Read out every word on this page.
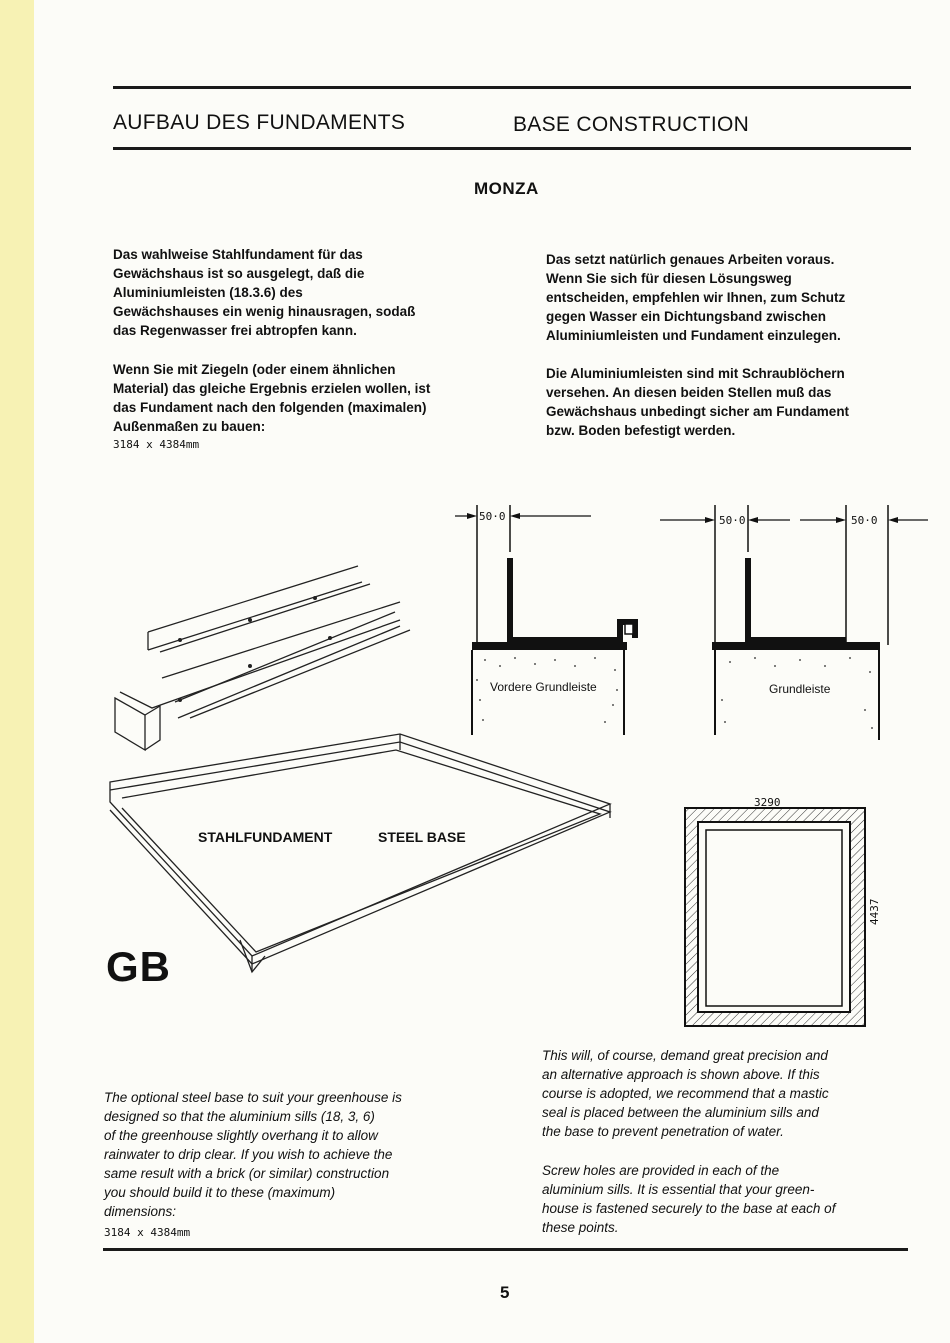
AUFBAU DES FUNDAMENTS	BASE CONSTRUCTION
MONZA

Das wahlweise Stahlfundament für das
Gewächshaus ist so ausgelegt, daß die
Aluminiumleisten (18.3.6) des
Gewächshauses ein wenig hinausragen, sodaß
das Regenwasser frei abtropfen kann.

Wenn Sie mit Ziegeln (oder einem ähnlichen
Material) das gleiche Ergebnis erzielen wollen, ist
das Fundament nach den folgenden (maximalen)
Außenmaßen zu bauen:

3184 x 4384mm

Das setzt natürlich genaues Arbeiten voraus.
Wenn Sie sich für diesen Lösungsweg
entscheiden, empfehlen wir Ihnen, zum Schutz
gegen Wasser ein Dichtungsband zwischen
Aluminiumleisten und Fundament einzulegen.

Die Aluminiumleisten sind mit Schraublöchern
versehen. An diesen beiden Stellen muß das
Gewächshaus unbedingt sicher am Fundament
bzw. Boden befestigt werden.

50·0
Vordere Grundleiste
50·0	50·0
Grundleiste
STAHLFUNDAMENT	STEEL BASE
GB
3290
4437

The optional steel base to suit your greenhouse is
designed so that the aluminium sills (18, 3, 6)
of the greenhouse slightly overhang it to allow
rainwater to drip clear. If you wish to achieve the
same result with a brick (or similar) construction
you should build it to these (maximum)
dimensions:

3184 x 4384mm

This will, of course, demand great precision and
an alternative approach is shown above. If this
course is adopted, we recommend that a mastic
seal is placed between the aluminium sills and
the base to prevent penetration of water.

Screw holes are provided in each of the
aluminium sills. It is essential that your green-
house is fastened securely to the base at each of
these points.

5
